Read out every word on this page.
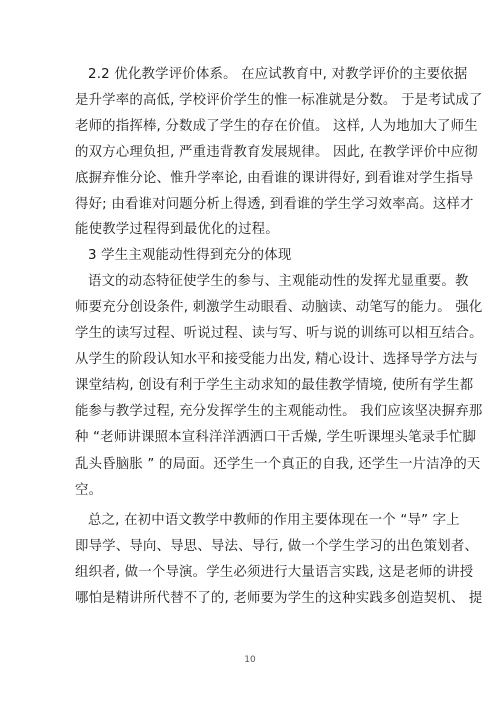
2.2 优化教学评价体系。 在应试教育中, 对教学评价的主要依据
是升学率的高低, 学校评价学生的惟一标准就是分数。 于是考试成了
老师的指挥棒, 分数成了学生的存在价值。 这样, 人为地加大了师生
的双方心理负担, 严重违背教育发展规律。 因此, 在教学评价中应彻
底摒弃惟分论、惟升学率论, 由看谁的课讲得好, 到看谁对学生指导
得好; 由看谁对问题分析上得透, 到看谁的学生学习效率高。这样才
能使教学过程得到最优化的过程。
3 学生主观能动性得到充分的体现
语文的动态特征使学生的参与、主观能动性的发挥尤显重要。教
师要充分创设条件, 刺激学生动眼看、动脑读、动笔写的能力。 强化
学生的读写过程、听说过程、读与写、听与说的训练可以相互结合。
从学生的阶段认知水平和接受能力出发, 精心设计、选择导学方法与
课堂结构, 创设有利于学生主动求知的最佳教学情境, 使所有学生都
能参与教学过程, 充分发挥学生的主观能动性。 我们应该坚决摒弃那
种 “老师讲课照本宣科洋洋洒洒口干舌燥, 学生听课埋头笔录手忙脚
乱头昏脑胀 ” 的局面。还学生一个真正的自我, 还学生一片洁净的天
空。
总之, 在初中语文教学中教师的作用主要体现在一个 “导” 字上
即导学、导向、导思、导法、导行, 做一个学生学习的出色策划者、
组织者, 做一个导演。学生必须进行大量语言实践, 这是老师的讲授
哪怕是精讲所代替不了的, 老师要为学生的这种实践多创造契机、 提
10
